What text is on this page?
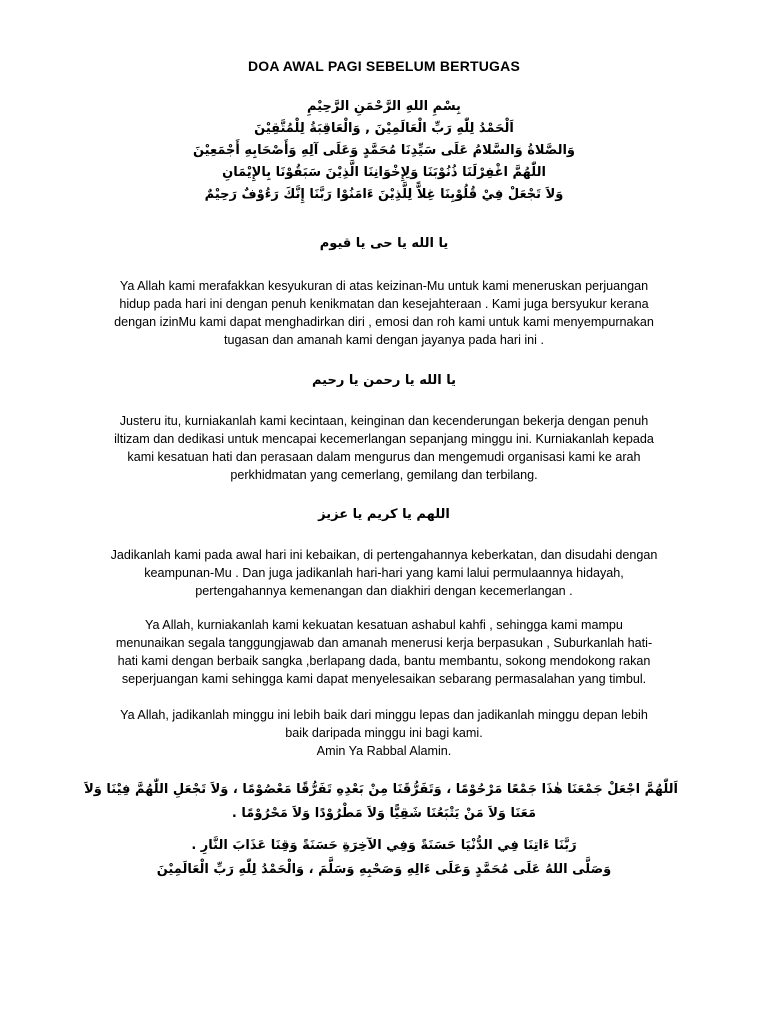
DOA AWAL PAGI SEBELUM BERTUGAS
بِسْمِ اللهِ الرَّحْمَنِ الرَّحِيْمِ
اَلْحَمْدُ لِلّٰهِ رَبِّ الْعَالَمِيْنَ , وَالْعَاقِبَةُ لِلْمُتَّقِيْنَ
وَالصَّلاةُ وَالسَّلامُ عَلَى سَيِّدِنَا مُحَمَّدٍ وَعَلَى آلِهِ وَأَصْحَابِهِ أَجْمَعِيْنَ
اللّٰهُمَّ اغْفِرْلَنَا ذُنُوْبَنَا وَلِإِخْوَانِنَا الَّذِيْنَ سَبَقُوْنَا بِالإِيْمَانِ
وَلاَ تَجْعَلْ فِيْ قُلُوْبِنَا غِلاًّ لِلَّذِيْنَ ءَامَنُوْا رَبَّنَا إِنَّكَ رَءُوْفٌ رَحِيْمٌ
يا الله يا حى يا قيوم
Ya Allah kami merafakkan kesyukuran di atas keizinan-Mu untuk kami meneruskan perjuangan
hidup pada hari ini dengan penuh kenikmatan dan kesejahteraan . Kami juga bersyukur kerana
dengan izinMu kami dapat menghadirkan diri , emosi dan roh kami untuk kami menyempurnakan
tugasan dan amanah kami dengan jayanya pada hari ini .
يا الله يا رحمن يا رحيم
Justeru itu, kurniakanlah kami kecintaan, keinginan dan kecenderungan bekerja dengan penuh
iltizam dan dedikasi untuk mencapai kecemerlangan sepanjang minggu ini. Kurniakanlah kepada
kami kesatuan hati dan perasaan dalam mengurus dan mengemudi organisasi kami ke arah
perkhidmatan yang cemerlang, gemilang dan terbilang.
اللهم يا كريم يا عزيز
Jadikanlah kami pada awal hari ini kebaikan, di pertengahannya keberkatan, dan disudahi dengan
keampunan-Mu . Dan juga jadikanlah hari-hari yang kami lalui permulaannya hidayah,
pertengahannya kemenangan dan diakhiri dengan kecemerlangan .
Ya Allah, kurniakanlah kami kekuatan kesatuan ashabul kahfi , sehingga kami mampu
menunaikan segala tanggungjawab dan amanah menerusi kerja berpasukan , Suburkanlah hati-
hati kami dengan berbaik sangka ,berlapang dada, bantu membantu, sokong mendokong rakan
seperjuangan kami sehingga kami dapat menyelesaikan sebarang permasalahan yang timbul.
Ya Allah, jadikanlah minggu ini lebih baik dari minggu lepas dan jadikanlah minggu depan lebih
baik daripada minggu ini bagi kami.
Amin Ya Rabbal Alamin.
اَللّٰهُمَّ اجْعَلْ جَمْعَنَا هٰذَا جَمْعًا مَرْحُوْمًا ، وَتَفَرُّقَنَا مِنْ بَعْدِهِ تَفَرُّقًا مَعْصُوْمًا ، وَلاَ تَجْعَلِ اللّٰهُمَّ فِيْنَا وَلاَ
مَعَنَا وَلاَ مَنْ يَتْبَعُنَا شَقِيًّا وَلاَ مَطْرُوْدًا وَلاَ مَحْرُوْمًا .
رَبَّنَا ءَاتِنَا فِي الدُّنْيَا حَسَنَةً وَفِي الآخِرَةِ حَسَنَةً وَقِنَا عَذَابَ النَّارِ .
وَصَلَّى اللهُ عَلَى مُحَمَّدٍ وَعَلَى ءَالِهِ وَصَحْبِهِ وَسَلَّمَ ، وَالْحَمْدُ لِلّٰهِ رَبِّ الْعَالَمِيْنَ
